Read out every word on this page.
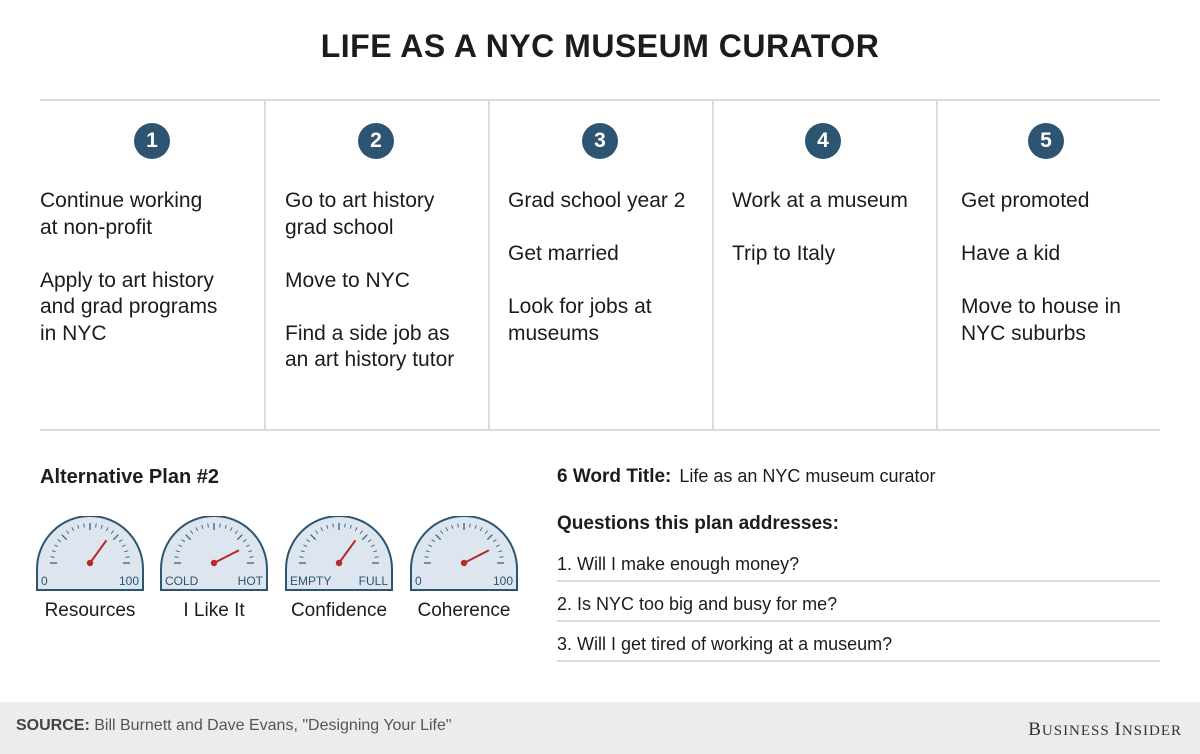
LIFE AS A NYC MUSEUM CURATOR
1
Continue working
at non-profit
Apply to art history
and grad programs
in NYC
2
Go to art history
grad school
Move to NYC
Find a side job as
an art history tutor
3
Grad school year 2
Get married
Look for jobs at
museums
4
Work at a museum
Trip to Italy
5
Get promoted
Have a kid
Move to house in
NYC suburbs
Alternative Plan #2
0	100
Resources
COLD	HOT
I Like It
EMPTY FULL
Confidence
0	100
Coherence
6 Word Title: Life as an NYC museum curator
Questions this plan addresses:
1. Will I make enough money?
2. Is NYC too big and busy for me?
3. Will I get tired of working at a museum?
SOURCE: Bill Burnett and Dave Evans, "Designing Your Life"	BUSINESS INSIDER
